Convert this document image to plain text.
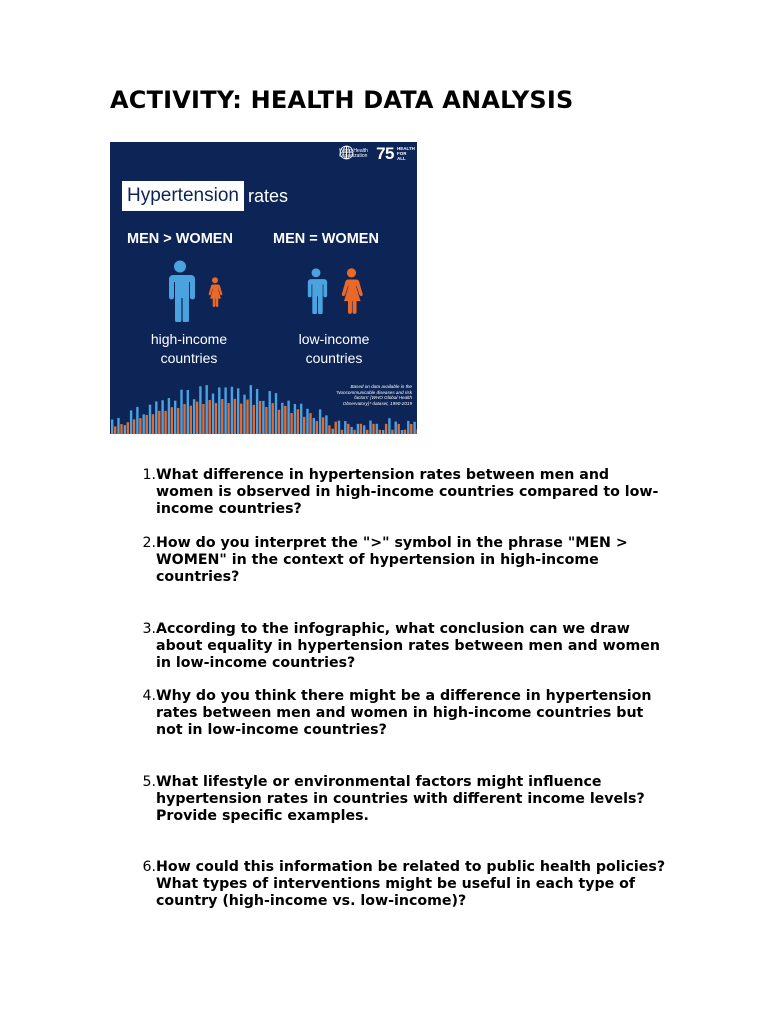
ACTIVITY: HEALTH DATA ANALYSIS
World Health
Organization 75 HEALTH
FOR ALL
Hypertension rates
MEN > WOMEN	MEN = WOMEN
high-income
countries
low-income
countries
Based on data available in the 'Noncommunicable diseases and risk factors' (WHO Global Health Observatory)* dataset, 1990-2019
1. What difference in hypertension rates between men and women is observed in high-income countries compared to low-income countries?
2. How do you interpret the ">" symbol in the phrase "MEN > WOMEN" in the context of hypertension in high-income countries?
3. According to the infographic, what conclusion can we draw about equality in hypertension rates between men and women in low-income countries?
4. Why do you think there might be a difference in hypertension rates between men and women in high-income countries but not in low-income countries?
5. What lifestyle or environmental factors might influence hypertension rates in countries with different income levels? Provide specific examples.
6. How could this information be related to public health policies? What types of interventions might be useful in each type of country (high-income vs. low-income)?
